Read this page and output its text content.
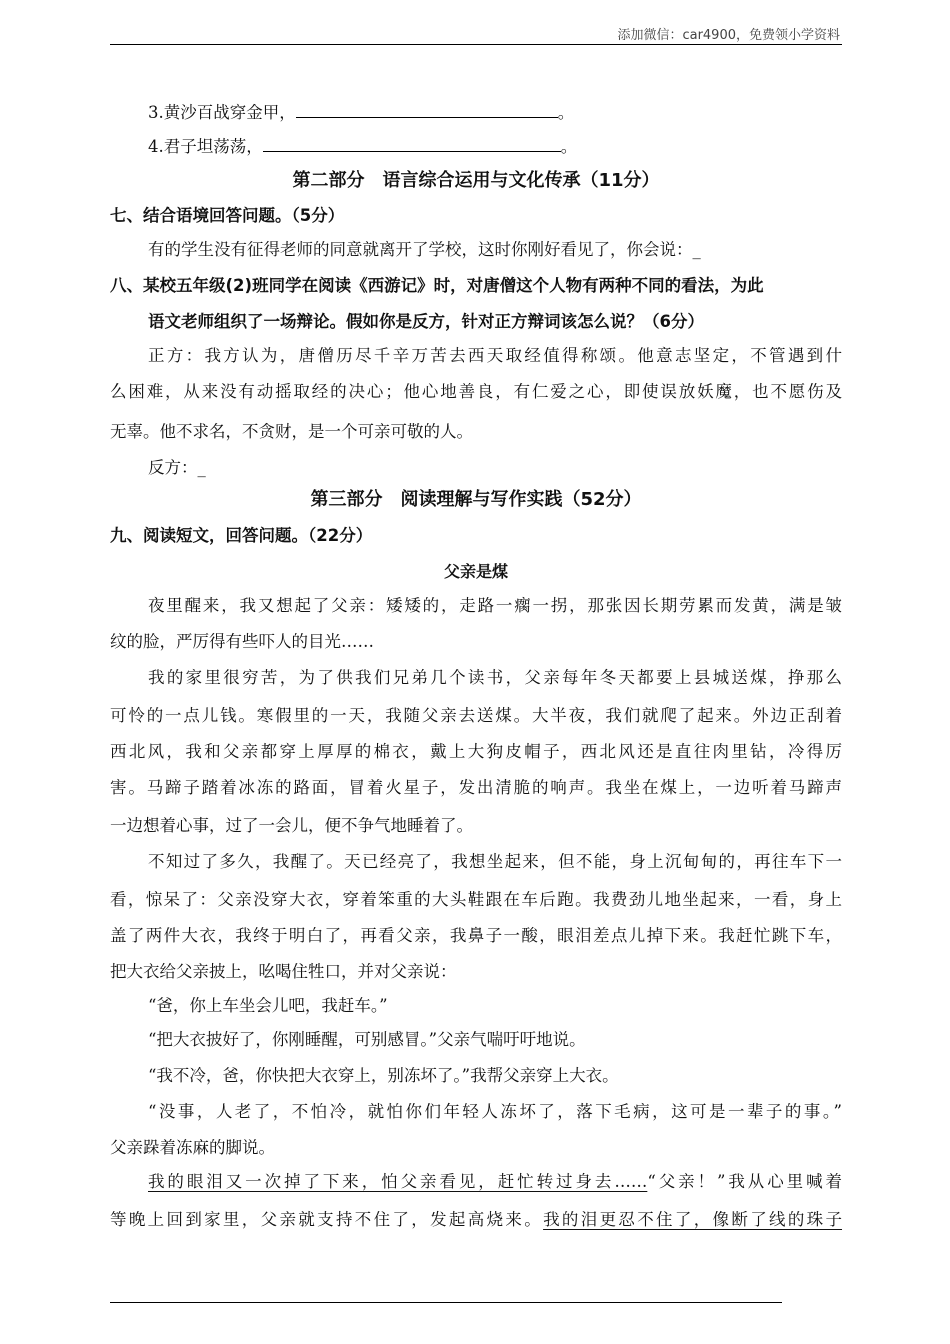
添加微信：car4900，免费领小学资料
3.黄沙百战穿金甲，	。
4.君子坦荡荡，	。
第二部分　语言综合运用与文化传承（11分）
七、结合语境回答问题。（5分）
有的学生没有征得老师的同意就离开了学校，这时你刚好看见了，你会说：_
八、某校五年级(2)班同学在阅读《西游记》时，对唐僧这个人物有两种不同的看法，为此
语文老师组织了一场辩论。假如你是反方，针对正方辩词该怎么说？（6分）
正方：我方认为，唐僧历尽千辛万苦去西天取经值得称颂。他意志坚定，不管遇到什
么困难，从来没有动摇取经的决心；他心地善良，有仁爱之心，即使误放妖魔，也不愿伤及
无辜。他不求名，不贪财，是一个可亲可敬的人。
反方：_
第三部分　阅读理解与写作实践（52分）
九、阅读短文，回答问题。（22分）
父亲是煤
夜里醒来，我又想起了父亲：矮矮的，走路一瘸一拐，那张因长期劳累而发黄，满是皱
纹的脸，严厉得有些吓人的目光……
我的家里很穷苦，为了供我们兄弟几个读书，父亲每年冬天都要上县城送煤，挣那么
可怜的一点儿钱。寒假里的一天，我随父亲去送煤。大半夜，我们就爬了起来。外边正刮着
西北风，我和父亲都穿上厚厚的棉衣，戴上大狗皮帽子，西北风还是直往肉里钻，冷得厉
害。马蹄子踏着冰冻的路面，冒着火星子，发出清脆的响声。我坐在煤上，一边听着马蹄声
一边想着心事，过了一会儿，便不争气地睡着了。
不知过了多久，我醒了。天已经亮了，我想坐起来，但不能，身上沉甸甸的，再往车下一
看，惊呆了：父亲没穿大衣，穿着笨重的大头鞋跟在车后跑。我费劲儿地坐起来，一看，身上
盖了两件大衣，我终于明白了，再看父亲，我鼻子一酸，眼泪差点儿掉下来。我赶忙跳下车，
把大衣给父亲披上，吆喝住牲口，并对父亲说：
“爸，你上车坐会儿吧，我赶车。”
“把大衣披好了，你刚睡醒，可别感冒。”父亲气喘吁吁地说。
“我不冷，爸，你快把大衣穿上，别冻坏了。”我帮父亲穿上大衣。
“没事，人老了，不怕冷，就怕你们年轻人冻坏了，落下毛病，这可是一辈子的事。”
父亲跺着冻麻的脚说。
我的眼泪又一次掉了下来，怕父亲看见，赶忙转过身去……“父亲！”我从心里喊着
等晚上回到家里，父亲就支持不住了，发起高烧来。我的泪更忍不住了，像断了线的珠子
